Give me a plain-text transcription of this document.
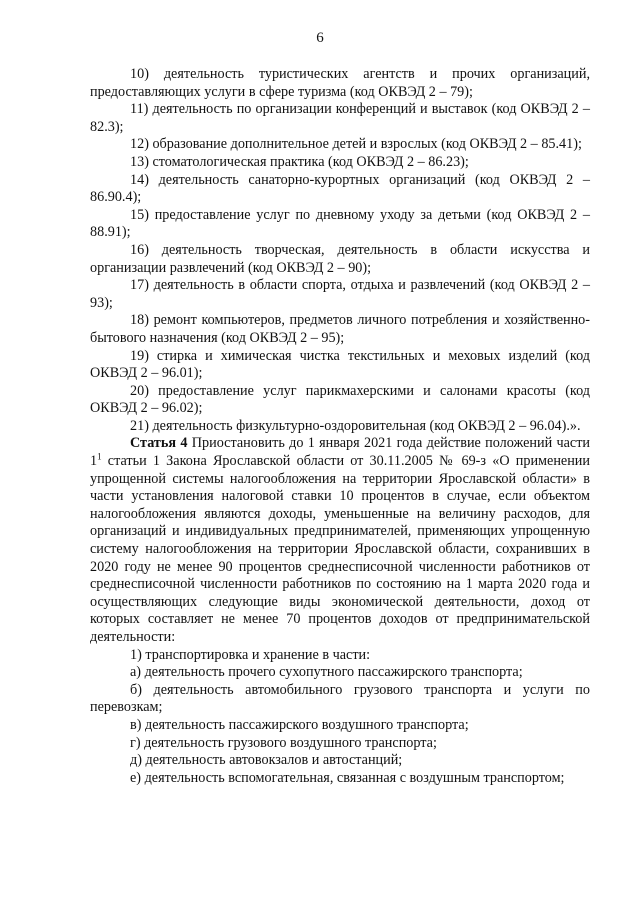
6

10) деятельность туристических агентств и прочих организаций, предоставляющих услуги в сфере туризма (код ОКВЭД 2 – 79);

11) деятельность по организации конференций и выставок (код ОКВЭД 2 – 82.3);

12) образование дополнительное детей и взрослых (код ОКВЭД 2 – 85.41);

13) стоматологическая практика (код ОКВЭД 2 – 86.23);

14) деятельность санаторно-курортных организаций (код ОКВЭД 2 – 86.90.4);

15) предоставление услуг по дневному уходу за детьми (код ОКВЭД 2 – 88.91);

16) деятельность творческая, деятельность в области искусства и организации развлечений (код ОКВЭД 2 – 90);

17) деятельность в области спорта, отдыха и развлечений (код ОКВЭД 2 – 93);

18) ремонт компьютеров, предметов личного потребления и хозяйственно-бытового назначения (код ОКВЭД 2 – 95);

19) стирка и химическая чистка текстильных и меховых изделий (код ОКВЭД 2 – 96.01);

20) предоставление услуг парикмахерскими и салонами красоты (код ОКВЭД 2 – 96.02);

21) деятельность физкультурно-оздоровительная (код ОКВЭД 2 – 96.04).».

Статья 4 Приостановить до 1 января 2021 года действие положений части $1^1$ статьи 1 Закона Ярославской области от 30.11.2005 № 69-з «О применении упрощенной системы налогообложения на территории Ярославской области» в части установления налоговой ставки 10 процентов в случае, если объектом налогообложения являются доходы, уменьшенные на величину расходов, для организаций и индивидуальных предпринимателей, применяющих упрощенную систему налогообложения на территории Ярославской области, сохранивших в 2020 году не менее 90 процентов среднесписочной численности работников от среднесписочной численности работников по состоянию на 1 марта 2020 года и осуществляющих следующие виды экономической деятельности, доход от которых составляет не менее 70 процентов доходов от предпринимательской деятельности:

1) транспортировка и хранение в части:

а) деятельность прочего сухопутного пассажирского транспорта;

б) деятельность автомобильного грузового транспорта и услуги по перевозкам;

в) деятельность пассажирского воздушного транспорта;

г) деятельность грузового воздушного транспорта;

д) деятельность автовокзалов и автостанций;

е) деятельность вспомогательная, связанная с воздушным транспортом;
